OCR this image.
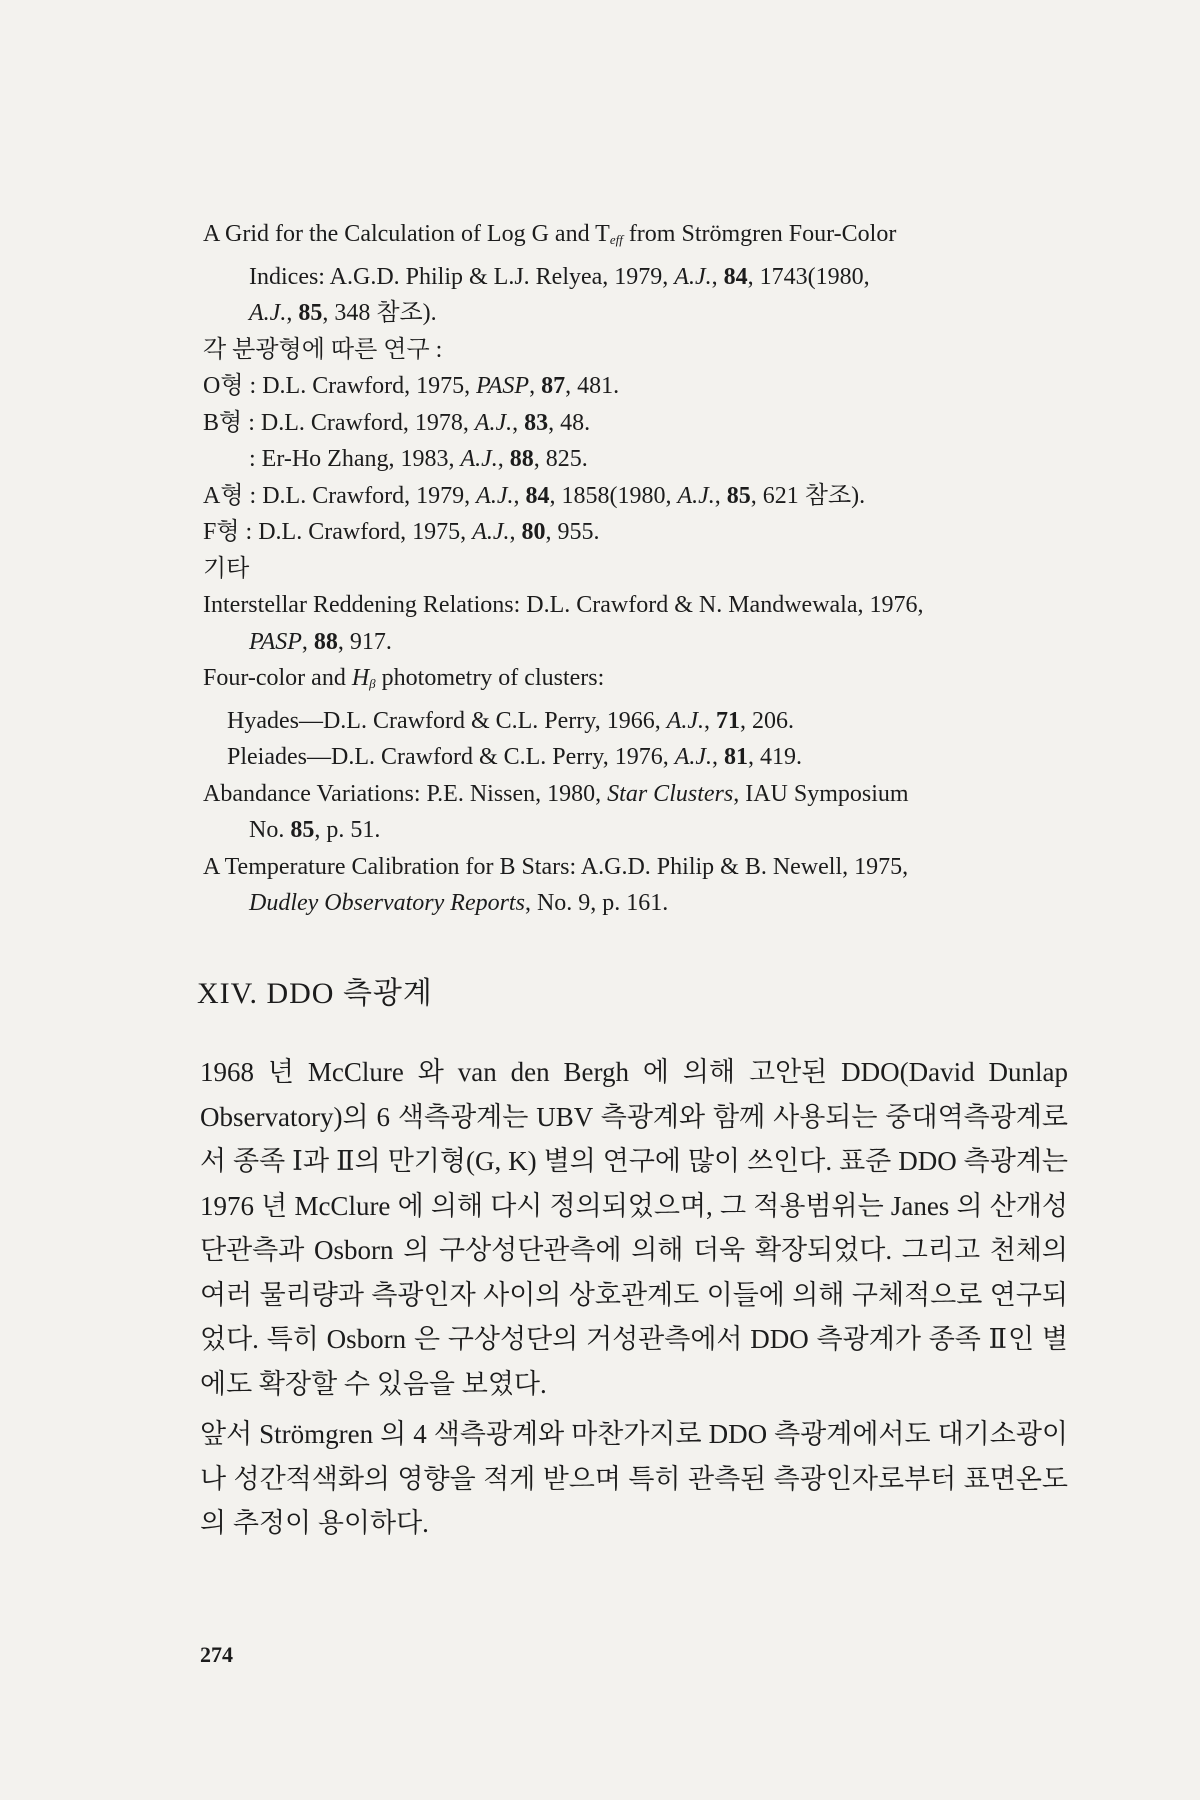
A Grid for the Calculation of Log G and $T_{eff}$ from Strömgren Four-Color
Indices: A.G.D. Philip & L.J. Relyea, 1979, A.J., 84, 1743(1980,
A.J., 85, 348 참조).

각 분광형에 따른 연구 :

O형 : D.L. Crawford, 1975, PASP, 87, 481.

B형 : D.L. Crawford, 1978, A.J., 83, 48.

: Er-Ho Zhang, 1983, A.J., 88, 825.

A형 : D.L. Crawford, 1979, A.J., 84, 1858(1980, A.J., 85, 621 참조).

F형 : D.L. Crawford, 1975, A.J., 80, 955.

기타

Interstellar Reddening Relations: D.L. Crawford & N. Mandwewala, 1976,
PASP, 88, 917.

Four-color and $H_\beta$ photometry of clusters:

Hyades—D.L. Crawford & C.L. Perry, 1966, A.J., 71, 206.

Pleiades—D.L. Crawford & C.L. Perry, 1976, A.J., 81, 419.

Abandance Variations: P.E. Nissen, 1980, Star Clusters, IAU Symposium
No. 85, p. 51.

A Temperature Calibration for B Stars: A.G.D. Philip & B. Newell, 1975,
Dudley Observatory Reports, No. 9, p. 161.

XIV. DDO 측광계

1968 년 McClure 와 van den Bergh 에 의해 고안된 DDO(David Dunlap Observatory)의 6 색측광계는 UBV 측광계와 함께 사용되는 중대역측광계로서 종족 Ⅰ과 Ⅱ의 만기형(G, K) 별의 연구에 많이 쓰인다. 표준 DDO 측광계는 1976 년 McClure 에 의해 다시 정의되었으며, 그 적용범위는 Janes 의 산개성단관측과 Osborn 의 구상성단관측에 의해 더욱 확장되었다. 그리고 천체의 여러 물리량과 측광인자 사이의 상호관계도 이들에 의해 구체적으로 연구되었다. 특히 Osborn 은 구상성단의 거성관측에서 DDO 측광계가 종족 Ⅱ인 별에도 확장할 수 있음을 보였다.

앞서 Strömgren 의 4 색측광계와 마찬가지로 DDO 측광계에서도 대기소광이나 성간적색화의 영향을 적게 받으며 특히 관측된 측광인자로부터 표면온도의 추정이 용이하다.

274
